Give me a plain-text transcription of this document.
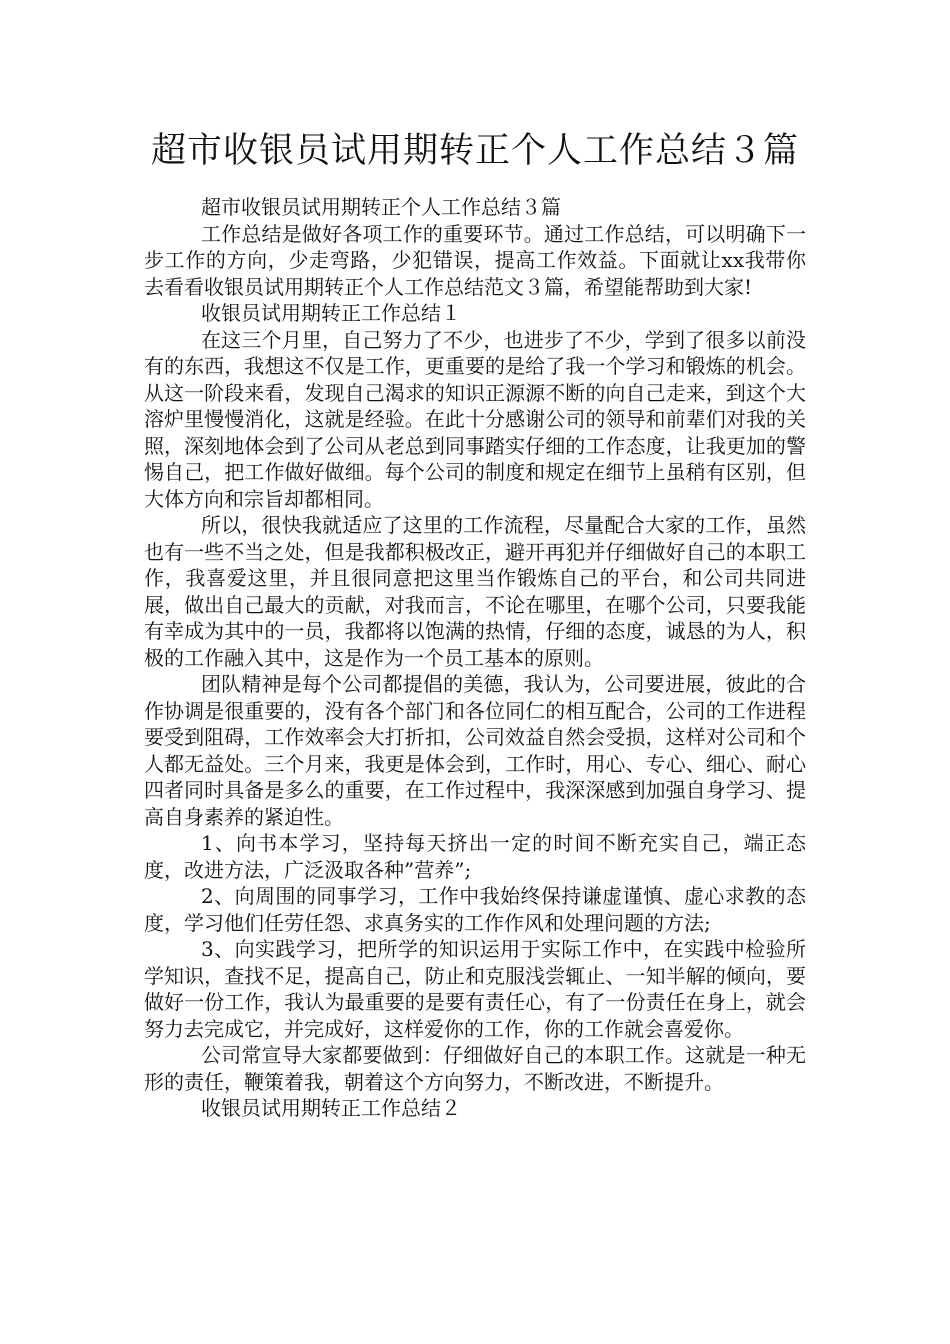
超市收银员试用期转正个人工作总结３篇

超市收银员试用期转正个人工作总结３篇

工作总结是做好各项工作的重要环节。通过工作总结，可以明确下一步工作的方向，少走弯路，少犯错误，提高工作效益。下面就让xx我带你去看看收银员试用期转正个人工作总结范文３篇，希望能帮助到大家!

收银员试用期转正工作总结１

在这三个月里，自己努力了不少，也进步了不少，学到了很多以前没有的东西，我想这不仅是工作，更重要的是给了我一个学习和锻炼的机会。从这一阶段来看，发现自己渴求的知识正源源不断的向自己走来，到这个大溶炉里慢慢消化，这就是经验。在此十分感谢公司的领导和前辈们对我的关照，深刻地体会到了公司从老总到同事踏实仔细的工作态度，让我更加的警惕自己，把工作做好做细。每个公司的制度和规定在细节上虽稍有区别，但大体方向和宗旨却都相同。

所以，很快我就适应了这里的工作流程，尽量配合大家的工作，虽然也有一些不当之处，但是我都积极改正，避开再犯并仔细做好自己的本职工作，我喜爱这里，并且很同意把这里当作锻炼自己的平台，和公司共同进展，做出自己最大的贡献，对我而言，不论在哪里，在哪个公司，只要我能有幸成为其中的一员，我都将以饱满的热情，仔细的态度，诚恳的为人，积极的工作融入其中，这是作为一个员工基本的原则。

团队精神是每个公司都提倡的美德，我认为，公司要进展，彼此的合作协调是很重要的，没有各个部门和各位同仁的相互配合，公司的工作进程要受到阻碍，工作效率会大打折扣，公司效益自然会受损，这样对公司和个人都无益处。三个月来，我更是体会到，工作时，用心、专心、细心、耐心四者同时具备是多么的重要，在工作过程中，我深深感到加强自身学习、提高自身素养的紧迫性。

1、向书本学习，坚持每天挤出一定的时间不断充实自己，端正态度，改进方法，广泛汲取各种”营养”;

2、向周围的同事学习，工作中我始终保持谦虚谨慎、虚心求教的态度，学习他们任劳任怨、求真务实的工作作风和处理问题的方法;

3、向实践学习，把所学的知识运用于实际工作中，在实践中检验所学知识，查找不足，提高自己，防止和克服浅尝辄止、一知半解的倾向，要做好一份工作，我认为最重要的是要有责任心，有了一份责任在身上，就会努力去完成它，并完成好，这样爱你的工作，你的工作就会喜爱你。

公司常宣导大家都要做到：仔细做好自己的本职工作。这就是一种无形的责任，鞭策着我，朝着这个方向努力，不断改进，不断提升。

收银员试用期转正工作总结２
